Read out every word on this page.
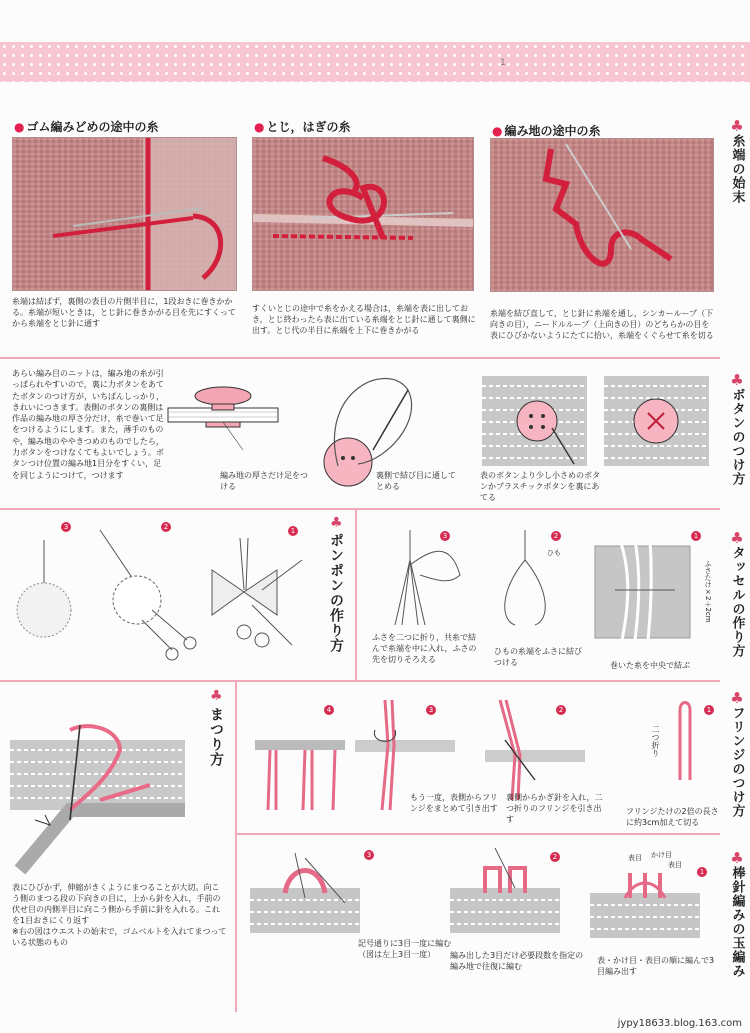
1
♣
糸端の始末
♣
ボタンのつけ方
♣
タッセルの作り方
♣
フリンジのつけ方
♣
棒針編みの玉編み
● ゴム編みどめの途中の糸	● とじ，はぎの糸	● 編み地の途中の糸
糸端は結ばず，裏側の表目の片側半目に，1段おきに巻きかかる。糸端が短いときは，とじ針に巻きかがる目を先にすくってから糸端をとじ針に通す
すくいとじの途中で糸をかえる場合は，糸端を表に出しておき，とじ終わったら表に出ている糸端をとじ針に通して裏側に出す。とじ代の半目に糸端を上下に巻きかがる
糸端を結び直して，とじ針に糸端を通し，シンカーループ（下向きの目），ニードルループ（上向きの目）のどちらかの目を表にひびかないようにたてに拾い，糸端をくぐらせて糸を切る
あらい編み目のニットは，編み地の糸が引っぱられやすいので，裏に力ボタンをあてたボタンのつけ方が，いちばんしっかり，きれいにつきます。表側のボタンの裏側は作品の編み地の厚さ分だけ，糸で巻いて足をつけるようにします。また，薄手のものや，編み地のややきつめのものでしたら，力ボタンをつけなくてもよいでしょう。ボタンつけ位置の編み地1目分をすくい，足を同じようにつけて，つけます	編み地の厚さだけ足をつける
裏側で結び目に通してとめる
表のボタンより少し小さめのボタンかプラスチックボタンを裏にあてる
♣
ポンポンの作り方
3	2	1
3	2	1
ひも
ふさたけ×2＋2cm
ふさを二つに折り，共糸で結んで糸端を中に入れ，ふさの先を切りそろえる
ひもの糸端をふさに結びつける	巻いた糸を中央で結ぶ
♣
まつり方
表にひびかず，伸縮がきくようにまつることが大切。向こう側のまつる段の下向きの目に，上から針を入れ，手前の伏せ目の内側半目に向こう側から手前に針を入れる。これを1目おきにくり返す
※右の図はウエストの始末で，ゴムベルトを入れてまつっている状態のもの
4	3	2	1
二つ折り
もう一度，表側からフリンジをまとめて引き出す
裏側からかぎ針を入れ，二つ折りのフリンジを引き出す
フリンジたけの2倍の長さに約3cm加えて切る
3	2
1
表目 かけ目
表目
記号通りに3目一度に編む（図は左上3目一度）	編み出した3目だけ必要段数を指定の編み地で往復に編む
表・かけ目・表目の順に編んで3目編み出す
jypy18633.blog.163.com
